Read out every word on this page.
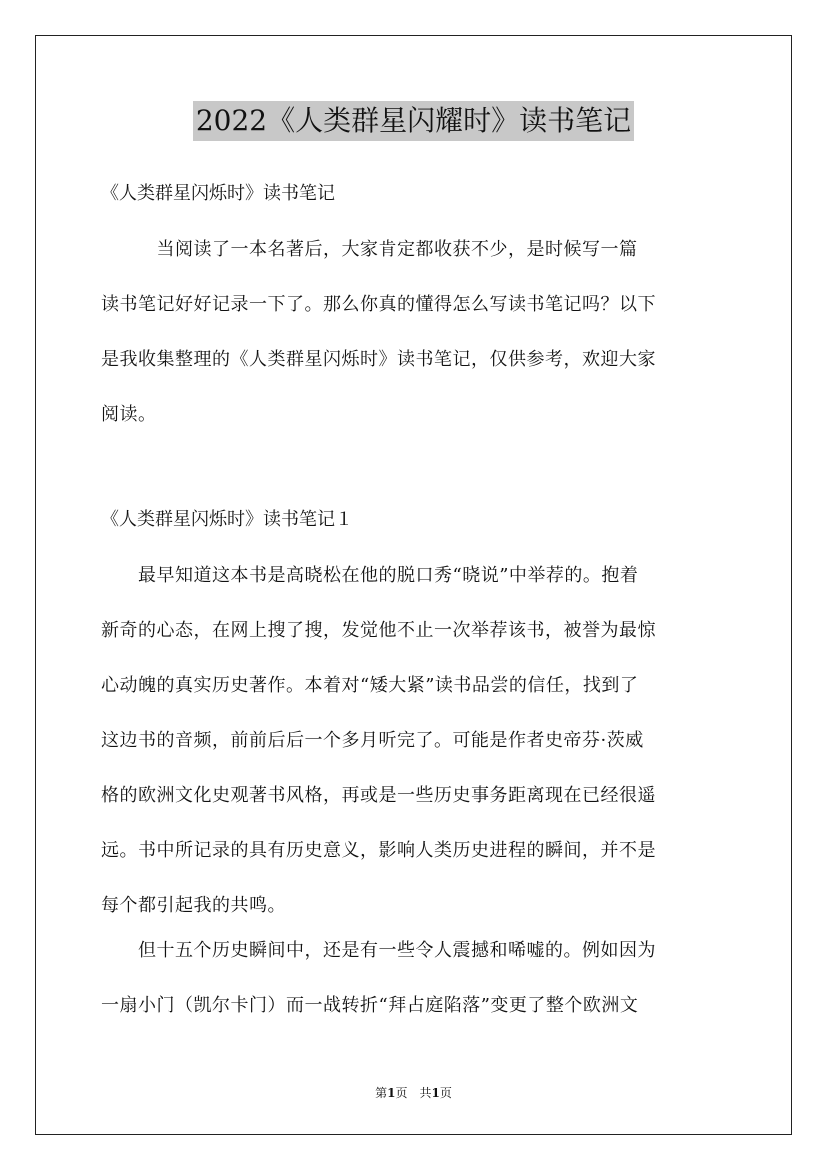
2022《人类群星闪耀时》读书笔记
《人类群星闪烁时》读书笔记
　　　当阅读了一本名著后，大家肯定都收获不少，是时候写一篇
读书笔记好好记录一下了。那么你真的懂得怎么写读书笔记吗？以下
是我收集整理的《人类群星闪烁时》读书笔记，仅供参考，欢迎大家
阅读。
《人类群星闪烁时》读书笔记１
　　最早知道这本书是高晓松在他的脱口秀“晓说”中举荐的。抱着
新奇的心态，在网上搜了搜，发觉他不止一次举荐该书，被誉为最惊
心动魄的真实历史著作。本着对“矮大紧”读书品尝的信任，找到了
这边书的音频，前前后后一个多月听完了。可能是作者史帝芬·茨威
格的欧洲文化史观著书风格，再或是一些历史事务距离现在已经很遥
远。书中所记录的具有历史意义，影响人类历史进程的瞬间，并不是
每个都引起我的共鸣。
　　但十五个历史瞬间中，还是有一些令人震撼和唏嘘的。例如因为
一扇小门（凯尔卡门）而一战转折“拜占庭陷落”变更了整个欧洲文
第1页　共1页
